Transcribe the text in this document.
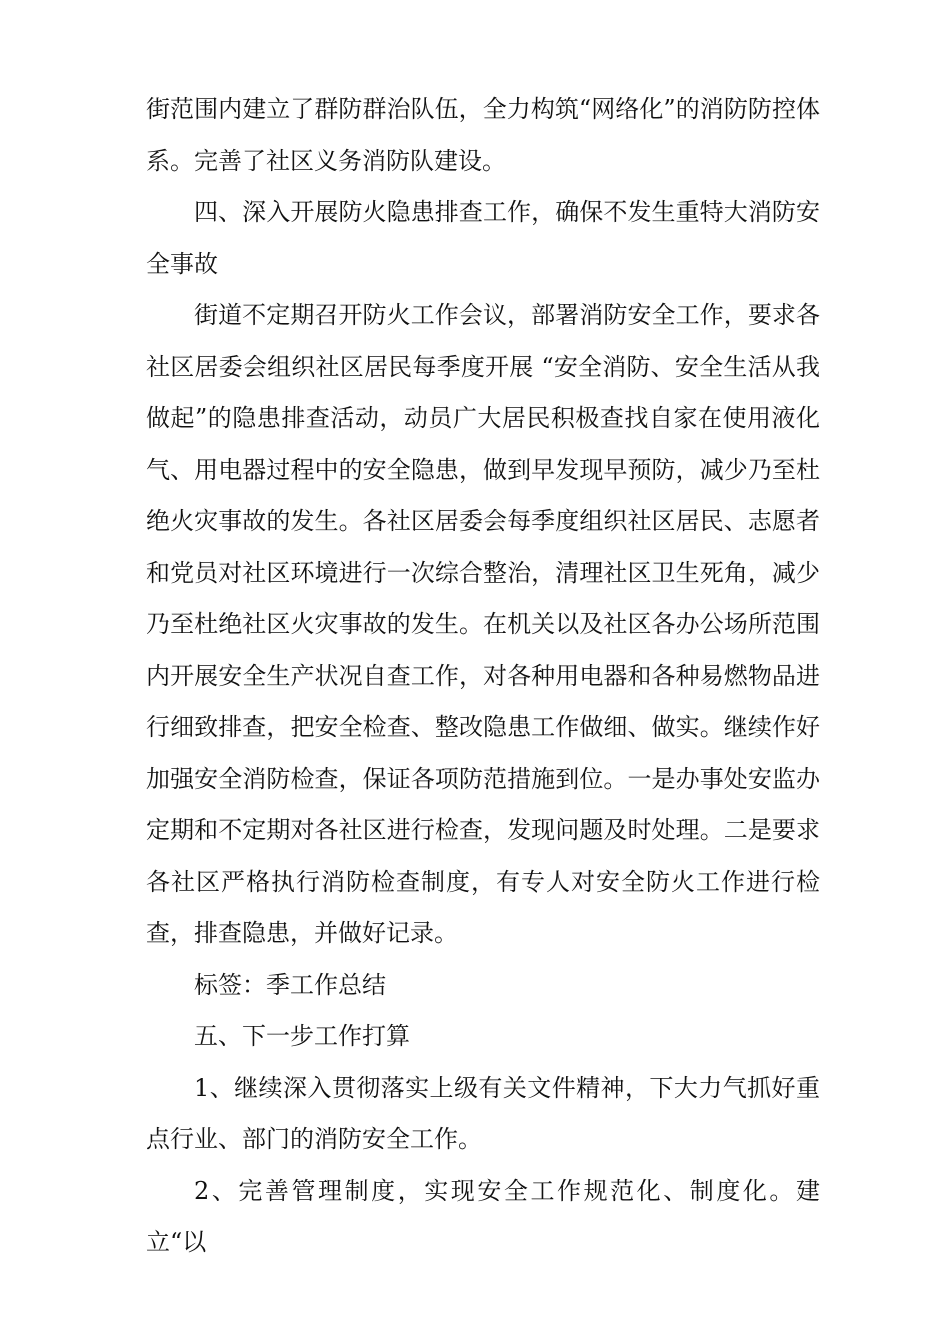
街范围内建立了群防群治队伍，全力构筑“网络化”的消防防控体系。完善了社区义务消防队建设。

四、深入开展防火隐患排查工作，确保不发生重特大消防安全事故

街道不定期召开防火工作会议，部署消防安全工作，要求各社区居委会组织社区居民每季度开展 “安全消防、安全生活从我做起”的隐患排查活动，动员广大居民积极查找自家在使用液化气、用电器过程中的安全隐患，做到早发现早预防，减少乃至杜绝火灾事故的发生。各社区居委会每季度组织社区居民、志愿者和党员对社区环境进行一次综合整治，清理社区卫生死角，减少乃至杜绝社区火灾事故的发生。在机关以及社区各办公场所范围内开展安全生产状况自查工作，对各种用电器和各种易燃物品进行细致排查，把安全检查、整改隐患工作做细、做实。继续作好加强安全消防检查，保证各项防范措施到位。一是办事处安监办定期和不定期对各社区进行检查，发现问题及时处理。二是要求各社区严格执行消防检查制度，有专人对安全防火工作进行检查，排查隐患，并做好记录。

标签：季工作总结

五、下一步工作打算

1、继续深入贯彻落实上级有关文件精神，下大力气抓好重点行业、部门的消防安全工作。

2、完善管理制度，实现安全工作规范化、制度化。建立“以
